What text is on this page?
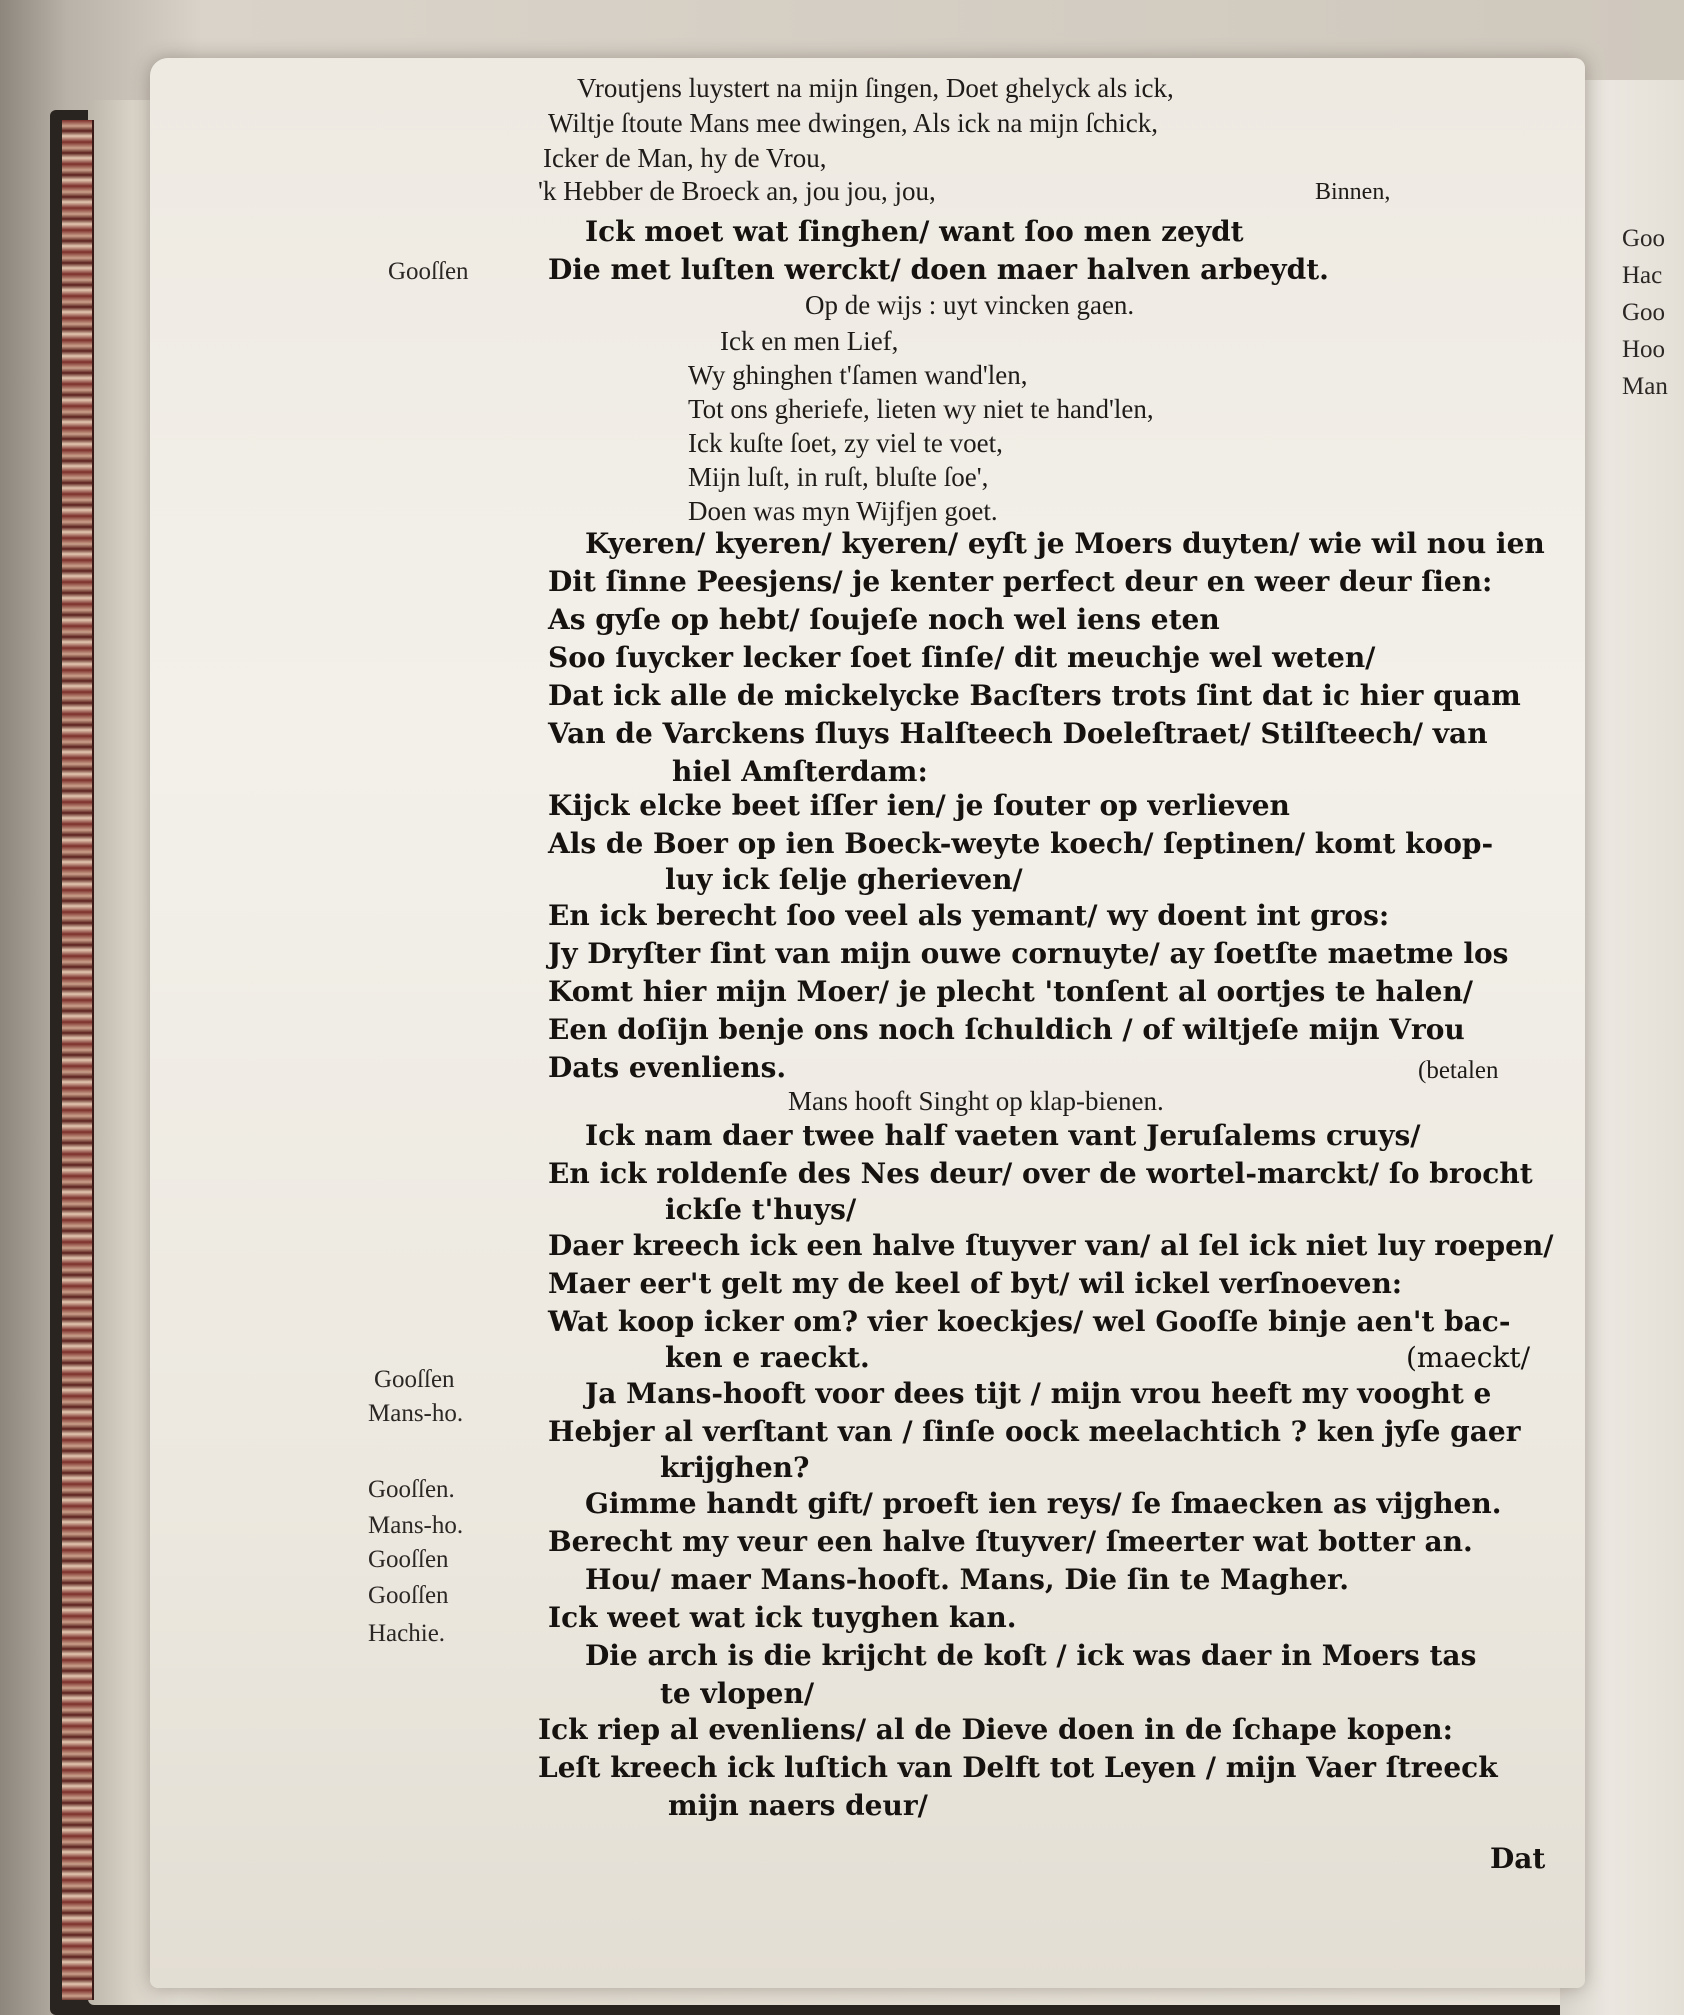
Goo
Hac
Goo
Hoo
Man
Vroutjens luystert na mijn ſingen, Doet ghelyck als ick,
Wiltje ſtoute Mans mee dwingen, Als ick na mijn ſchick,
Icker de Man, hy de Vrou,
'k Hebber de Broeck an, jou jou, jou,	Binnen,
Ick moet wat ſinghen/ want ſoo men zeydt
Die met luſten werckt/ doen maer halven arbeydt.
Op de wijs : uyt vincken gaen.
Ick en men Lief,
Wy ghinghen t'ſamen wand'len,
Tot ons gheriefe, lieten wy niet te hand'len,
Ick kuſte ſoet, zy viel te voet,
Mijn luſt, in ruſt, bluſte ſoe',
Doen was myn Wijfjen goet.
Kyeren/ kyeren/ kyeren/ eyſt je Moers duyten/ wie wil nou ien
Dit ſinne Peesjens/ je kenter perfect deur en weer deur ſien:
As gyſe op hebt/ ſoujeſe noch wel iens eten
Soo ſuycker lecker ſoet ſinſe/ dit meuchje wel weten/
Dat ick alle de mickelycke Bacſters trots ſint dat ic hier quam
Van de Varckens ſluys Halſteech Doeleſtraet/ Stilſteech/ van
hiel Amſterdam:
Kijck elcke beet iſſer ien/ je ſouter op verlieven
Als de Boer op ien Boeck-weyte koech/ ſeptinen/ komt koop-
luy ick ſelje gherieven/
En ick berecht ſoo veel als yemant/ wy doent int gros:
Jy Dryſter ſint van mijn ouwe cornuyte/ ay ſoetſte maetme los
Komt hier mijn Moer/ je plecht 'tonſent al oortjes te halen/
Een doſijn benje ons noch ſchuldich / of wiltjeſe mijn Vrou
Dats evenliens.	(betalen
Mans hooft Singht op klap-bienen.
Ick nam daer twee half vaeten vant Jeruſalems cruys/
En ick roldenſe des Nes deur/ over de wortel-marckt/ ſo brocht
ickſe t'huys/
Daer kreech ick een halve ſtuyver van/ al ſel ick niet luy roepen/
Maer eer't gelt my de keel of byt/ wil ickel verſnoeven:
Wat koop icker om? vier koeckjes/ wel Gooſſe binje aen't bac-
ken e raeckt.	(maeckt/
Ja Mans-hooft voor dees tijt / mijn vrou heeft my vooght e
Hebjer al verſtant van / ſinſe oock meelachtich ? ken jyſe gaer
krijghen?
Gimme handt gift/ proeft ien reys/ ſe ſmaecken as vijghen.
Berecht my veur een halve ſtuyver/ ſmeerter wat botter an.
Hou/ maer Mans-hooft. Mans, Die ſin te Magher.
Ick weet wat ick tuyghen kan.
Die arch is die krijcht de koſt / ick was daer in Moers tas
te vlopen/
Ick riep al evenliens/ al de Dieve doen in de ſchape kopen:
Leſt kreech ick luſtich van Delft tot Leyen / mijn Vaer ſtreeck
mijn naers deur/
Gooſſen
Gooſſen
Mans-ho.
Gooſſen.
Mans-ho.
Gooſſen
Gooſſen
Hachie.
Dat
